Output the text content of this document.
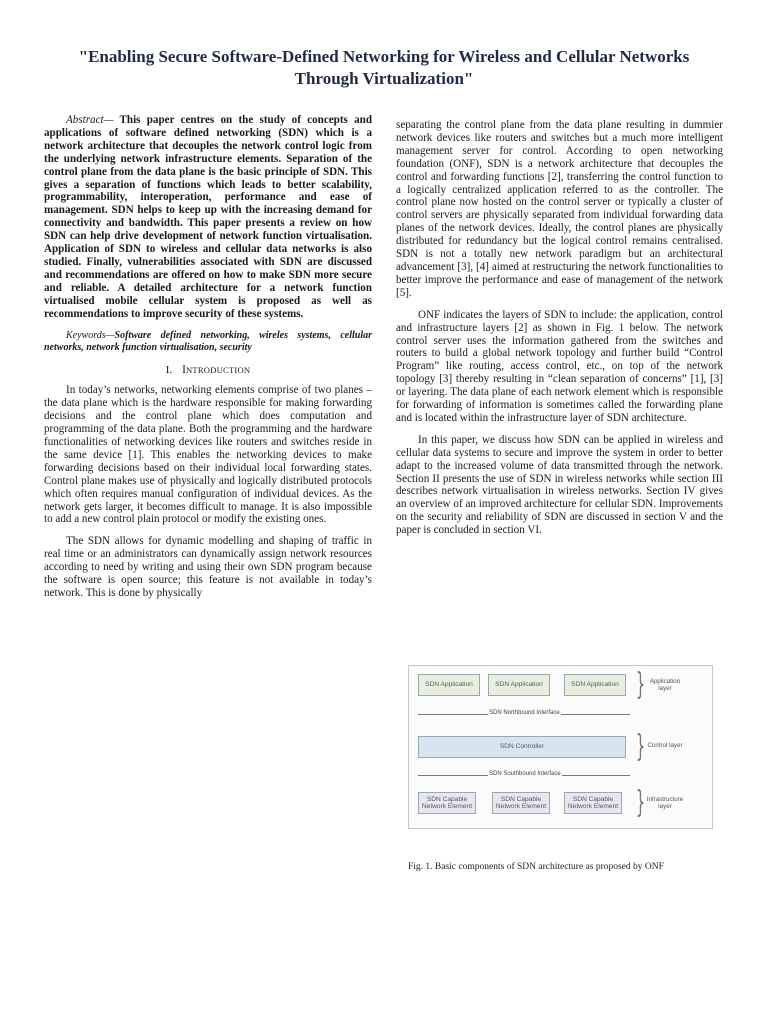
"Enabling Secure Software-Defined Networking for Wireless and Cellular Networks
Through Virtualization"

Abstract— This paper centres on the study of concepts and applications of software defined networking (SDN) which is a network architecture that decouples the network control logic from the underlying network infrastructure elements. Separation of the control plane from the data plane is the basic principle of SDN. This gives a separation of functions which leads to better scalability, programmability, interoperation, performance and ease of management. SDN helps to keep up with the increasing demand for connectivity and bandwidth. This paper presents a review on how SDN can help drive development of network function virtualisation. Application of SDN to wireless and cellular data networks is also studied. Finally, vulnerabilities associated with SDN are discussed and recommendations are offered on how to make SDN more secure and reliable. A detailed architecture for a network function virtualised mobile cellular system is proposed as well as recommendations to improve security of these systems.

Keywords—Software defined networking, wireles systems, cellular networks, network function virtualisation, security

I. INTRODUCTION

In today’s networks, networking elements comprise of two planes – the data plane which is the hardware responsible for making forwarding decisions and the control plane which does computation and programming of the data plane. Both the programming and the hardware functionalities of networking devices like routers and switches reside in the same device [1]. This enables the networking devices to make forwarding decisions based on their individual local forwarding states. Control plane makes use of physically and logically distributed protocols which often requires manual configuration of individual devices. As the network gets larger, it becomes difficult to manage. It is also impossible to add a new control plain protocol or modify the existing ones.

The SDN allows for dynamic modelling and shaping of traffic in real time or an administrators can dynamically assign network resources according to need by writing and using their own SDN program because the software is open source; this feature is not available in today’s network. This is done by physically

separating the control plane from the data plane resulting in dummier network devices like routers and switches but a much more intelligent management server for control. According to open networking foundation (ONF), SDN is a network architecture that decouples the control and forwarding functions [2], transferring the control function to a logically centralized application referred to as the controller. The control plane now hosted on the control server or typically a cluster of control servers are physically separated from individual forwarding data planes of the network devices. Ideally, the control planes are physically distributed for redundancy but the logical control remains centralised. SDN is not a totally new network paradigm but an architectural advancement [3], [4] aimed at restructuring the network functionalities to better improve the performance and ease of management of the network [5].

ONF indicates the layers of SDN to include: the application, control and infrastructure layers [2] as shown in Fig. 1 below. The network control server uses the information gathered from the switches and routers to build a global network topology and further build “Control Program” like routing, access control, etc., on top of the network topology [3] thereby resulting in “clean separation of concerns” [1], [3] or layering. The data plane of each network element which is responsible for forwarding of information is sometimes called the forwarding plane and is located within the infrastructure layer of SDN architecture.

In this paper, we discuss how SDN can be applied in wireless and cellular data systems to secure and improve the system in order to better adapt to the increased volume of data transmitted through the network. Section II presents the use of SDN in wireless networks while section III describes network virtualisation in wireless networks. Section IV gives an overview of an improved architecture for cellular SDN. Improvements on the security and reliability of SDN are discussed in section V and the paper is concluded in section VI.

SDN Application	SDN Application	SDN Application } Application layer
SDN Northbound Interface
SDN Controller	} Control layer
SDN Southbound Interface
SDN Capable Network Element
SDN Capable Network Element
SDN Capable Network Element } Infrastructure layer
Fig. 1. Basic components of SDN architecture as proposed by ONF
